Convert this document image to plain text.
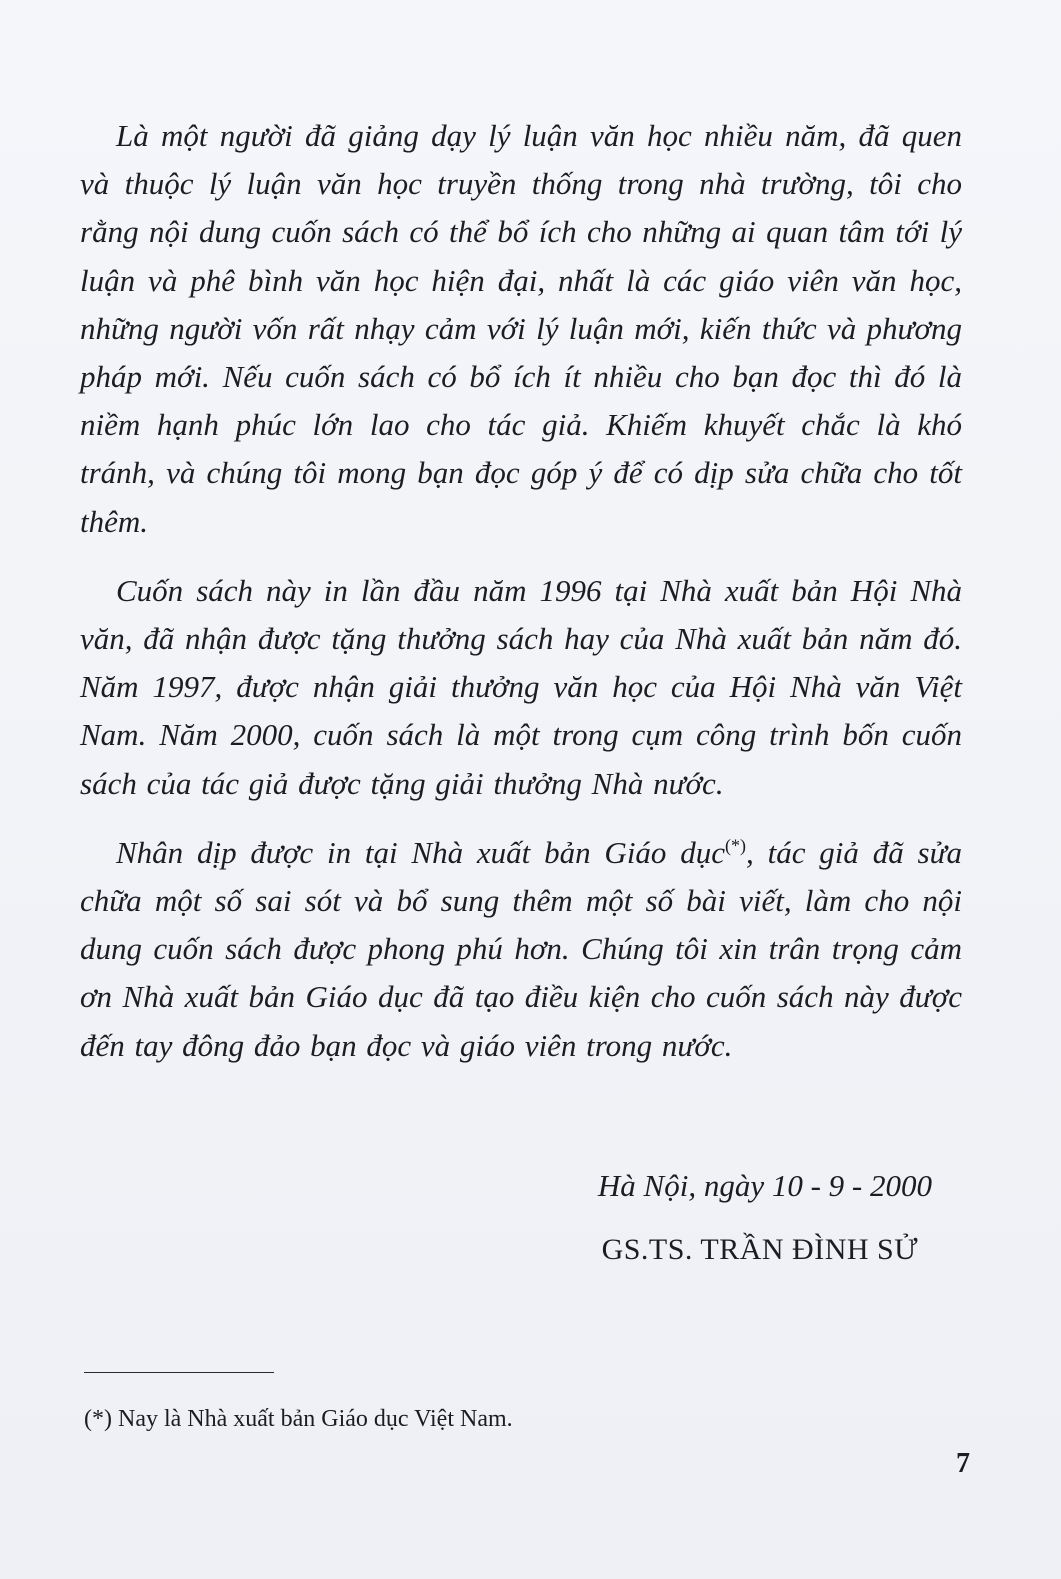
Là một người đã giảng dạy lý luận văn học nhiều năm, đã quen và thuộc lý luận văn học truyền thống trong nhà trường, tôi cho rằng nội dung cuốn sách có thể bổ ích cho những ai quan tâm tới lý luận và phê bình văn học hiện đại, nhất là các giáo viên văn học, những người vốn rất nhạy cảm với lý luận mới, kiến thức và phương pháp mới. Nếu cuốn sách có bổ ích ít nhiều cho bạn đọc thì đó là niềm hạnh phúc lớn lao cho tác giả. Khiếm khuyết chắc là khó tránh, và chúng tôi mong bạn đọc góp ý để có dịp sửa chữa cho tốt thêm.

Cuốn sách này in lần đầu năm 1996 tại Nhà xuất bản Hội Nhà văn, đã nhận được tặng thưởng sách hay của Nhà xuất bản năm đó. Năm 1997, được nhận giải thưởng văn học của Hội Nhà văn Việt Nam. Năm 2000, cuốn sách là một trong cụm công trình bốn cuốn sách của tác giả được tặng giải thưởng Nhà nước.

Nhân dịp được in tại Nhà xuất bản Giáo dục(*), tác giả đã sửa chữa một số sai sót và bổ sung thêm một số bài viết, làm cho nội dung cuốn sách được phong phú hơn. Chúng tôi xin trân trọng cảm ơn Nhà xuất bản Giáo dục đã tạo điều kiện cho cuốn sách này được đến tay đông đảo bạn đọc và giáo viên trong nước.

Hà Nội, ngày 10 - 9 - 2000
GS.TS. TRẦN ĐÌNH SỬ
(*) Nay là Nhà xuất bản Giáo dục Việt Nam.
7
